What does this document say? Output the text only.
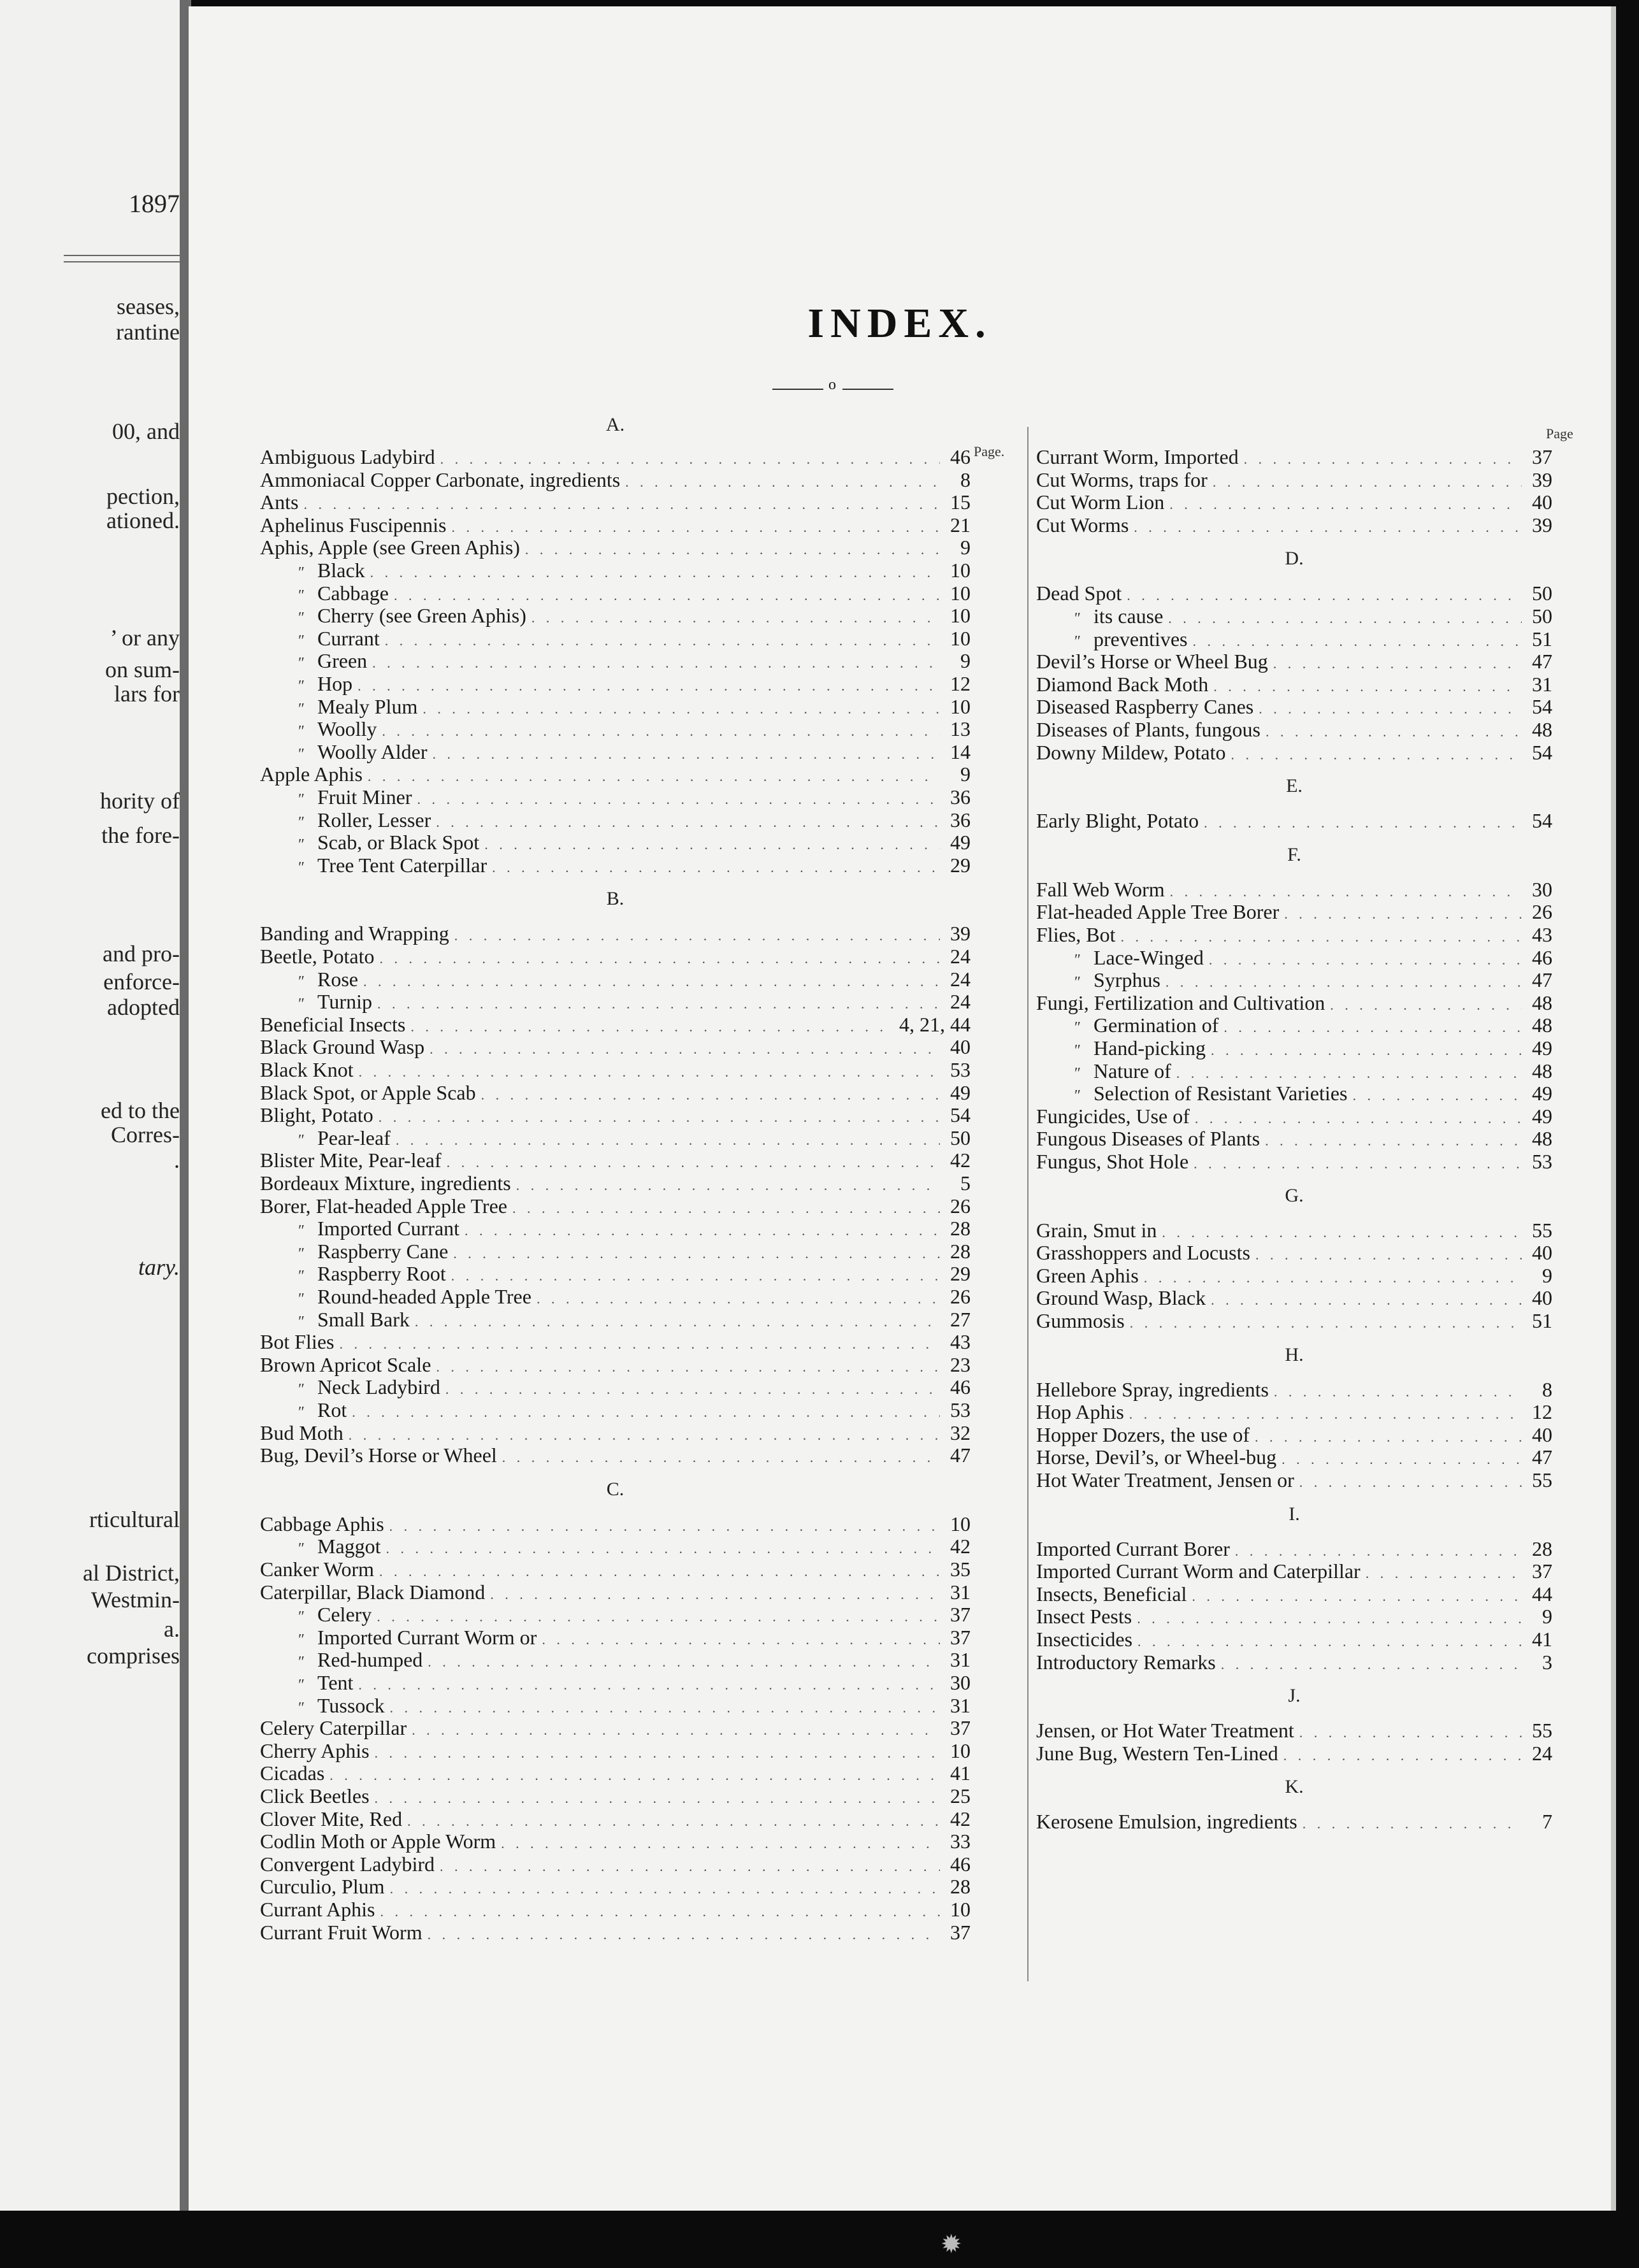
1897
seases,
rantine
00, and
pection,
ationed.
’ or any
on sum-
lars for
hority of
the fore-
and pro-
enforce-
adopted
ed to the
Corres-
.
tary.
rticultural
al District,
Westmin-
a.
comprises
INDEX.
o
Page.
A.
Ambiguous Ladybird . . .	46
Ammoniacal Copper Carbonate, ingredients . . .	8
Ants . . .	15
Aphelinus Fuscipennis . . .	21
Aphis, Apple (see Green Aphis) . . .	9
″ Black . . .	10
″ Cabbage . . .	10
″ Cherry (see Green Aphis) . . .	10
″ Currant . . .	10
″ Green . . .	9
″ Hop . . .	12
″ Mealy Plum . . .	10
″ Woolly . . .	13
″ Woolly Alder . . .	14
Apple Aphis . . .	9
″ Fruit Miner . . .	36
″ Roller, Lesser . . .	36
″ Scab, or Black Spot . . .	49
″ Tree Tent Caterpillar . . .	29
B.
Banding and Wrapping . . .	39
Beetle, Potato . . .	24
″ Rose . . .	24
″ Turnip . . .	24
Beneficial Insects . . .	4, 21, 44
Black Ground Wasp . . .	40
Black Knot . . .	53
Black Spot, or Apple Scab . . .	49
Blight, Potato . . .	54
″ Pear-leaf . . .	50
Blister Mite, Pear-leaf . . .	42
Bordeaux Mixture, ingredients . . .	5
Borer, Flat-headed Apple Tree . . .	26
″ Imported Currant . . .	28
″ Raspberry Cane . . .	28
″ Raspberry Root . . .	29
″ Round-headed Apple Tree . . .	26
″ Small Bark . . .	27
Bot Flies . . .	43
Brown Apricot Scale . . .	23
″ Neck Ladybird . . .	46
″ Rot . . .	53
Bud Moth . . .	32
Bug, Devil’s Horse or Wheel . . .	47
C.
Cabbage Aphis . . .	10
″ Maggot . . .	42
Canker Worm . . .	35
Caterpillar, Black Diamond . . .	31
″ Celery . . .	37
″ Imported Currant Worm or . . .	37
″ Red-humped . . .	31
″ Tent . . .	30
″ Tussock . . .	31
Celery Caterpillar . . .	37
Cherry Aphis . . .	10
Cicadas . . .	41
Click Beetles . . .	25
Clover Mite, Red . . .	42
Codlin Moth or Apple Worm . . .	33
Convergent Ladybird . . .	46
Curculio, Plum . . .	28
Currant Aphis . . .	10
Currant Fruit Worm . . .	37
Page
Currant Worm, Imported . . .	37
Cut Worms, traps for . . .	39
Cut Worm Lion . . .	40
Cut Worms . . .	39
D.
Dead Spot . . .	50
″ its cause . . .	50
″ preventives . . .	51
Devil’s Horse or Wheel Bug . . .	47
Diamond Back Moth . . .	31
Diseased Raspberry Canes . . .	54
Diseases of Plants, fungous . . .	48
Downy Mildew, Potato . . .	54
E.
Early Blight, Potato . . .	54
F.
Fall Web Worm . . .	30
Flat-headed Apple Tree Borer . . .	26
Flies, Bot . . .	43
″ Lace-Winged . . .	46
″ Syrphus . . .	47
Fungi, Fertilization and Cultivation . . .	48
″ Germination of . . .	48
″ Hand-picking . . .	49
″ Nature of . . .	48
″ Selection of Resistant Varieties . . .	49
Fungicides, Use of . . .	49
Fungous Diseases of Plants . . .	48
Fungus, Shot Hole . . .	53
G.
Grain, Smut in . . .	55
Grasshoppers and Locusts . . .	40
Green Aphis . . .	9
Ground Wasp, Black . . .	40
Gummosis . . .	51
H.
Hellebore Spray, ingredients . . .	8
Hop Aphis . . .	12
Hopper Dozers, the use of . . .	40
Horse, Devil’s, or Wheel-bug . . .	47
Hot Water Treatment, Jensen or . . .	55
I.
Imported Currant Borer . . .	28
Imported Currant Worm and Caterpillar . . .	37
Insects, Beneficial . . .	44
Insect Pests . . .	9
Insecticides . . .	41
Introductory Remarks . . .	3
J.
Jensen, or Hot Water Treatment . . .	55
June Bug, Western Ten-Lined . . .	24
K.
Kerosene Emulsion, ingredients . . .	7
✹
